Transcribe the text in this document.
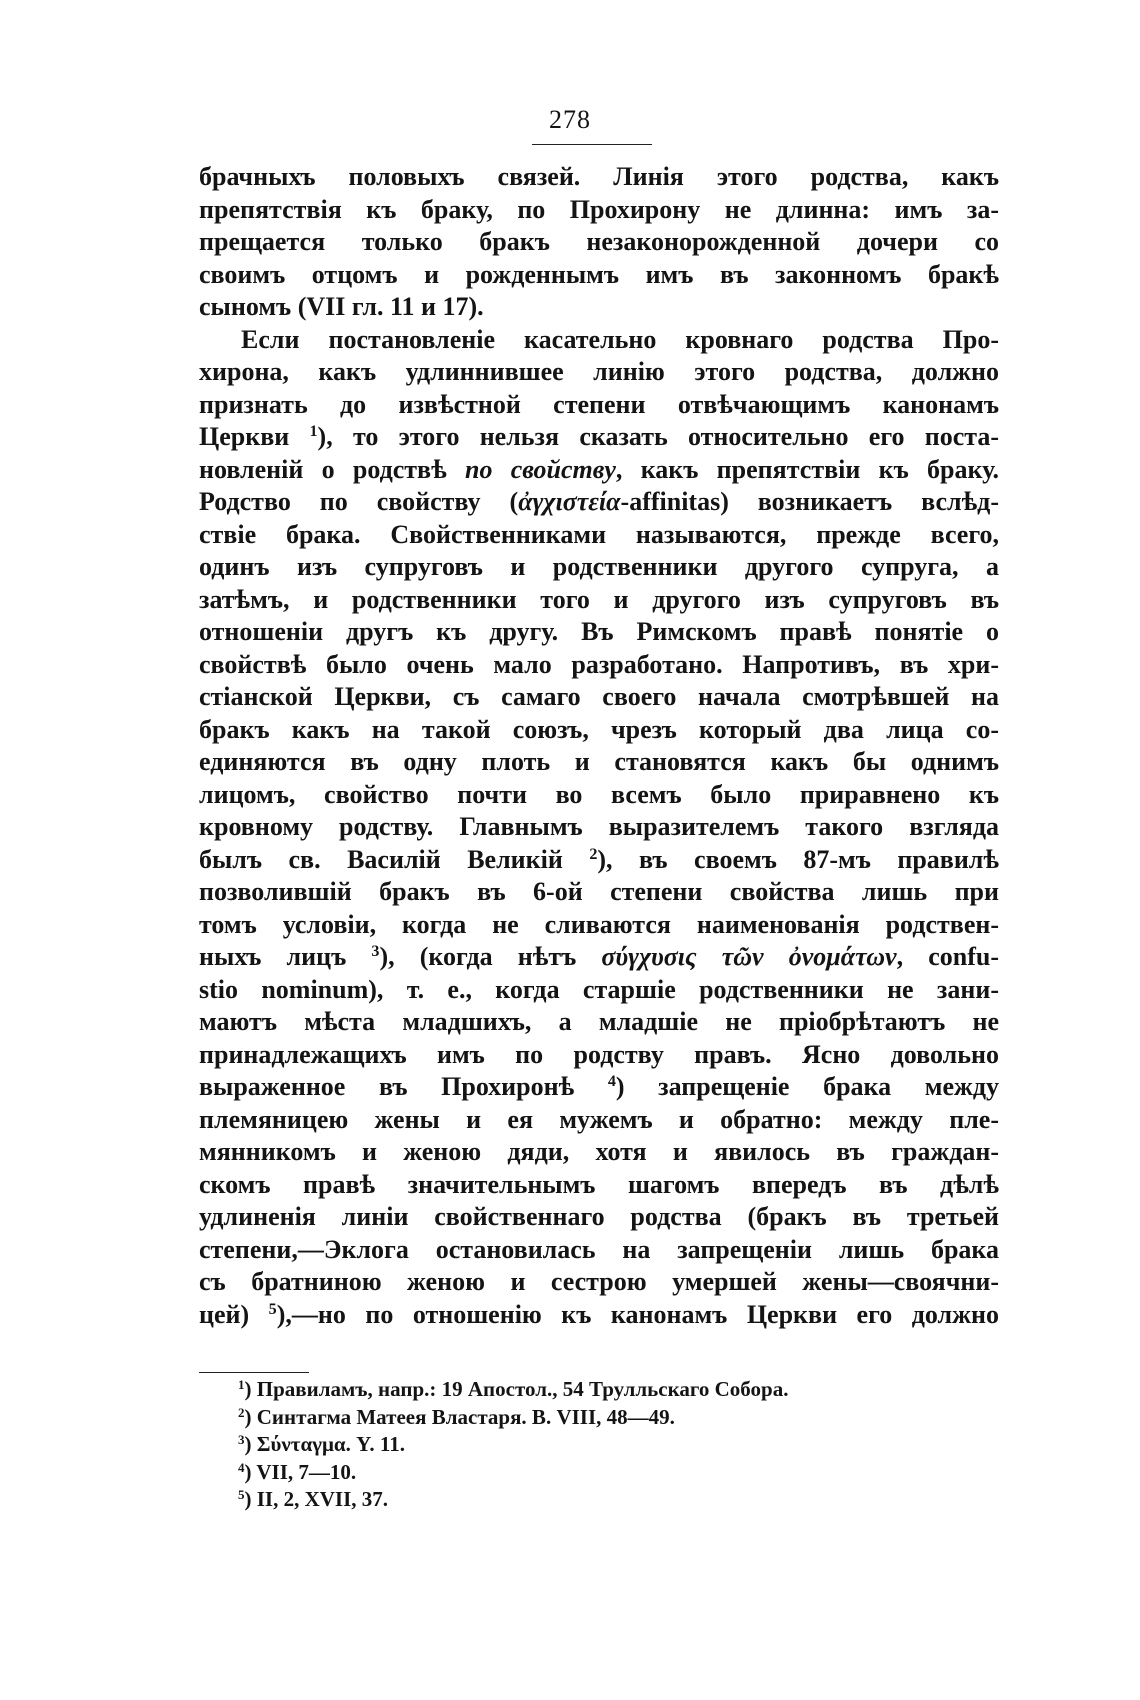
278
брачныхъ половыхъ связей. Линія этого родства, какъ
препятствія къ браку, по Прохирону не длинна: имъ за-
прещается только бракъ незаконорожденной дочери со
своимъ отцомъ и рожденнымъ имъ въ законномъ бракѣ
сыномъ (VII гл. 11 и 17).
Если постановленіе касательно кровнаго родства Про-
хирона, какъ удлиннившее линію этого родства, должно
признать до извѣстной степени отвѣчающимъ канонамъ
Церкви $^1$), то этого нельзя сказать относительно его поста-
новленій о родствѣ по свойству, какъ препятствіи къ браку.
Родство по свойству (ἀγχιστεία-affinitas) возникаетъ вслѣд-
ствіе брака. Свойственниками называются, прежде всего,
одинъ изъ супруговъ и родственники другого супруга, а
затѣмъ, и родственники того и другого изъ супруговъ въ
отношеніи другъ къ другу. Въ Римскомъ правѣ понятіе о
свойствѣ было очень мало разработано. Напротивъ, въ хри-
стіанской Церкви, съ самаго своего начала смотрѣвшей на
бракъ какъ на такой союзъ, чрезъ который два лица со-
единяются въ одну плоть и становятся какъ бы однимъ
лицомъ, свойство почти во всемъ было приравнено къ
кровному родству. Главнымъ выразителемъ такого взгляда
былъ св. Василій Великій $^2$), въ своемъ 87-мъ правилѣ
позволившій бракъ въ 6-ой степени свойства лишь при
томъ условіи, когда не сливаются наименованія родствен-
ныхъ лицъ $^3$), (когда нѣтъ σύγχυσις τῶν ὀνομάτων, confu-
stio nominum), т. е., когда старшіе родственники не зани-
маютъ мѣста младшихъ, а младшіе не пріобрѣтаютъ не
принадлежащихъ имъ по родству правъ. Ясно довольно
выраженное въ Прохиронѣ $^4$) запрещеніе брака между
племяницею жены и ея мужемъ и обратно: между пле-
мянникомъ и женою дяди, хотя и явилось въ граждан-
скомъ правѣ значительнымъ шагомъ впередъ въ дѣлѣ
удлиненія линіи свойственнаго родства (бракъ въ третьей
степени,—Эклога остановилась на запрещеніи лишь брака
съ братниною женою и сестрою умершей жены—своячни-
цей) $^5$),—но по отношенію къ канонамъ Церкви его должно
$^1$) Правиламъ, напр.: 19 Апостол., 54 Трулльскаго Собора.
$^2$) Синтагма Матеея Властаря. В. VIII, 48—49.
$^3$) Σύνταγμα. Y. 11.
$^4$) VII, 7—10.
$^5$) II, 2, XVII, 37.
